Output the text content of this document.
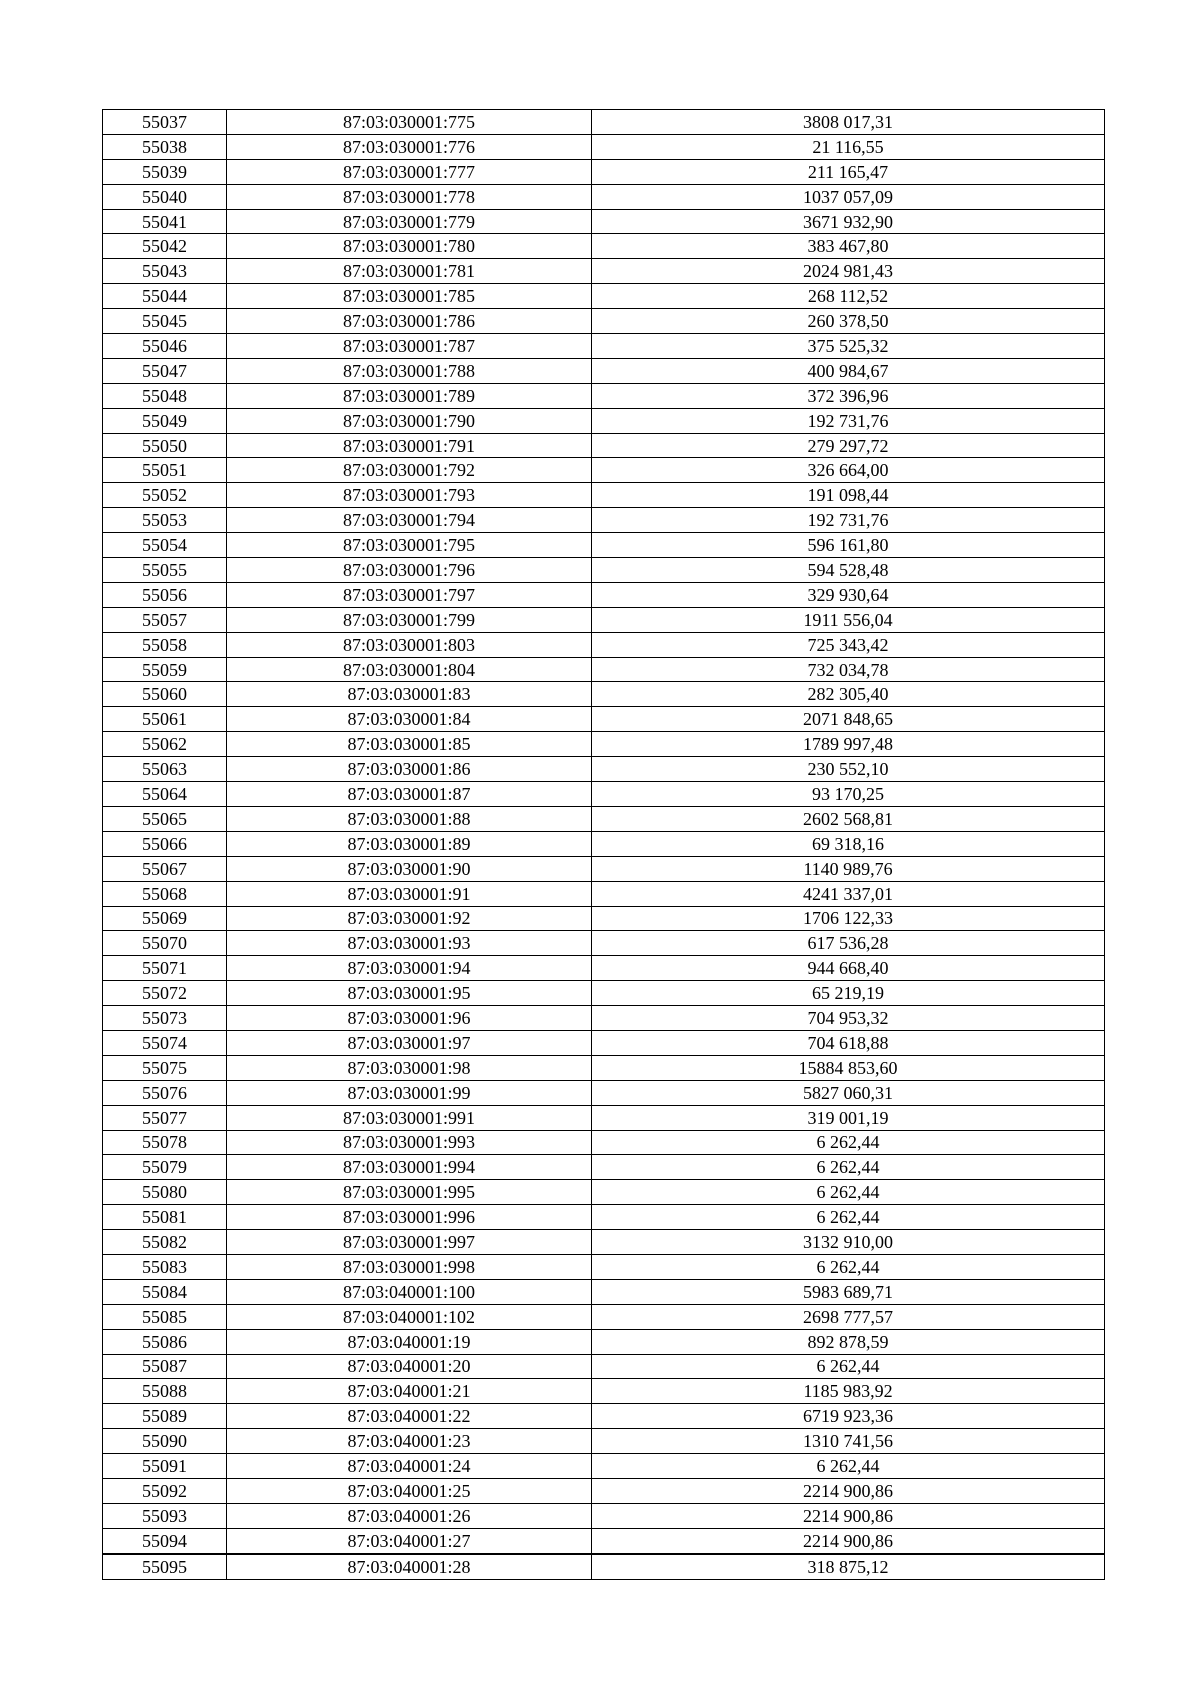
55037	87:03:030001:775	3808 017,31
55038	87:03:030001:776	21 116,55
55039	87:03:030001:777	211 165,47
55040	87:03:030001:778	1037 057,09
55041	87:03:030001:779	3671 932,90
55042	87:03:030001:780	383 467,80
55043	87:03:030001:781	2024 981,43
55044	87:03:030001:785	268 112,52
55045	87:03:030001:786	260 378,50
55046	87:03:030001:787	375 525,32
55047	87:03:030001:788	400 984,67
55048	87:03:030001:789	372 396,96
55049	87:03:030001:790	192 731,76
55050	87:03:030001:791	279 297,72
55051	87:03:030001:792	326 664,00
55052	87:03:030001:793	191 098,44
55053	87:03:030001:794	192 731,76
55054	87:03:030001:795	596 161,80
55055	87:03:030001:796	594 528,48
55056	87:03:030001:797	329 930,64
55057	87:03:030001:799	1911 556,04
55058	87:03:030001:803	725 343,42
55059	87:03:030001:804	732 034,78
55060	87:03:030001:83	282 305,40
55061	87:03:030001:84	2071 848,65
55062	87:03:030001:85	1789 997,48
55063	87:03:030001:86	230 552,10
55064	87:03:030001:87	93 170,25
55065	87:03:030001:88	2602 568,81
55066	87:03:030001:89	69 318,16
55067	87:03:030001:90	1140 989,76
55068	87:03:030001:91	4241 337,01
55069	87:03:030001:92	1706 122,33
55070	87:03:030001:93	617 536,28
55071	87:03:030001:94	944 668,40
55072	87:03:030001:95	65 219,19
55073	87:03:030001:96	704 953,32
55074	87:03:030001:97	704 618,88
55075	87:03:030001:98	15884 853,60
55076	87:03:030001:99	5827 060,31
55077	87:03:030001:991	319 001,19
55078	87:03:030001:993	6 262,44
55079	87:03:030001:994	6 262,44
55080	87:03:030001:995	6 262,44
55081	87:03:030001:996	6 262,44
55082	87:03:030001:997	3132 910,00
55083	87:03:030001:998	6 262,44
55084	87:03:040001:100	5983 689,71
55085	87:03:040001:102	2698 777,57
55086	87:03:040001:19	892 878,59
55087	87:03:040001:20	6 262,44
55088	87:03:040001:21	1185 983,92
55089	87:03:040001:22	6719 923,36
55090	87:03:040001:23	1310 741,56
55091	87:03:040001:24	6 262,44
55092	87:03:040001:25	2214 900,86
55093	87:03:040001:26	2214 900,86
55094	87:03:040001:27	2214 900,86
55095	87:03:040001:28	318 875,12
